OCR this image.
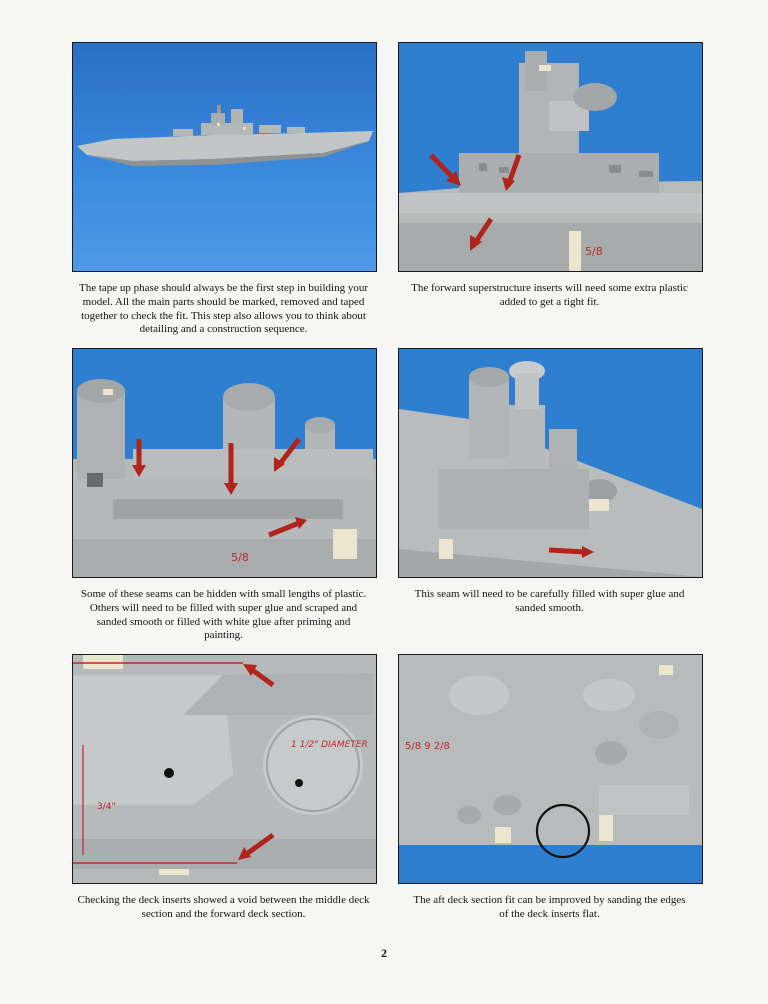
The tape up phase should always be the first step in building your model. All the main parts should be marked, removed and taped together to check the fit. This step also allows you to think about detailing and a construction sequence.
5/8
The forward superstructure inserts will need some extra plastic added to get a tight fit.
5/8
Some of these seams can be hidden with small lengths of plastic. Others will need to be filled with super glue and scraped and sanded smooth or filled with white glue after priming and painting.
This seam will need to be carefully filled with super glue and sanded smooth.
1 1/2" DIAMETER
3/4"
Checking the deck inserts showed a void between the middle deck section and the forward deck section.
5/8 9 2/8
The aft deck section fit can be improved by sanding the edges of the deck inserts flat.
2
